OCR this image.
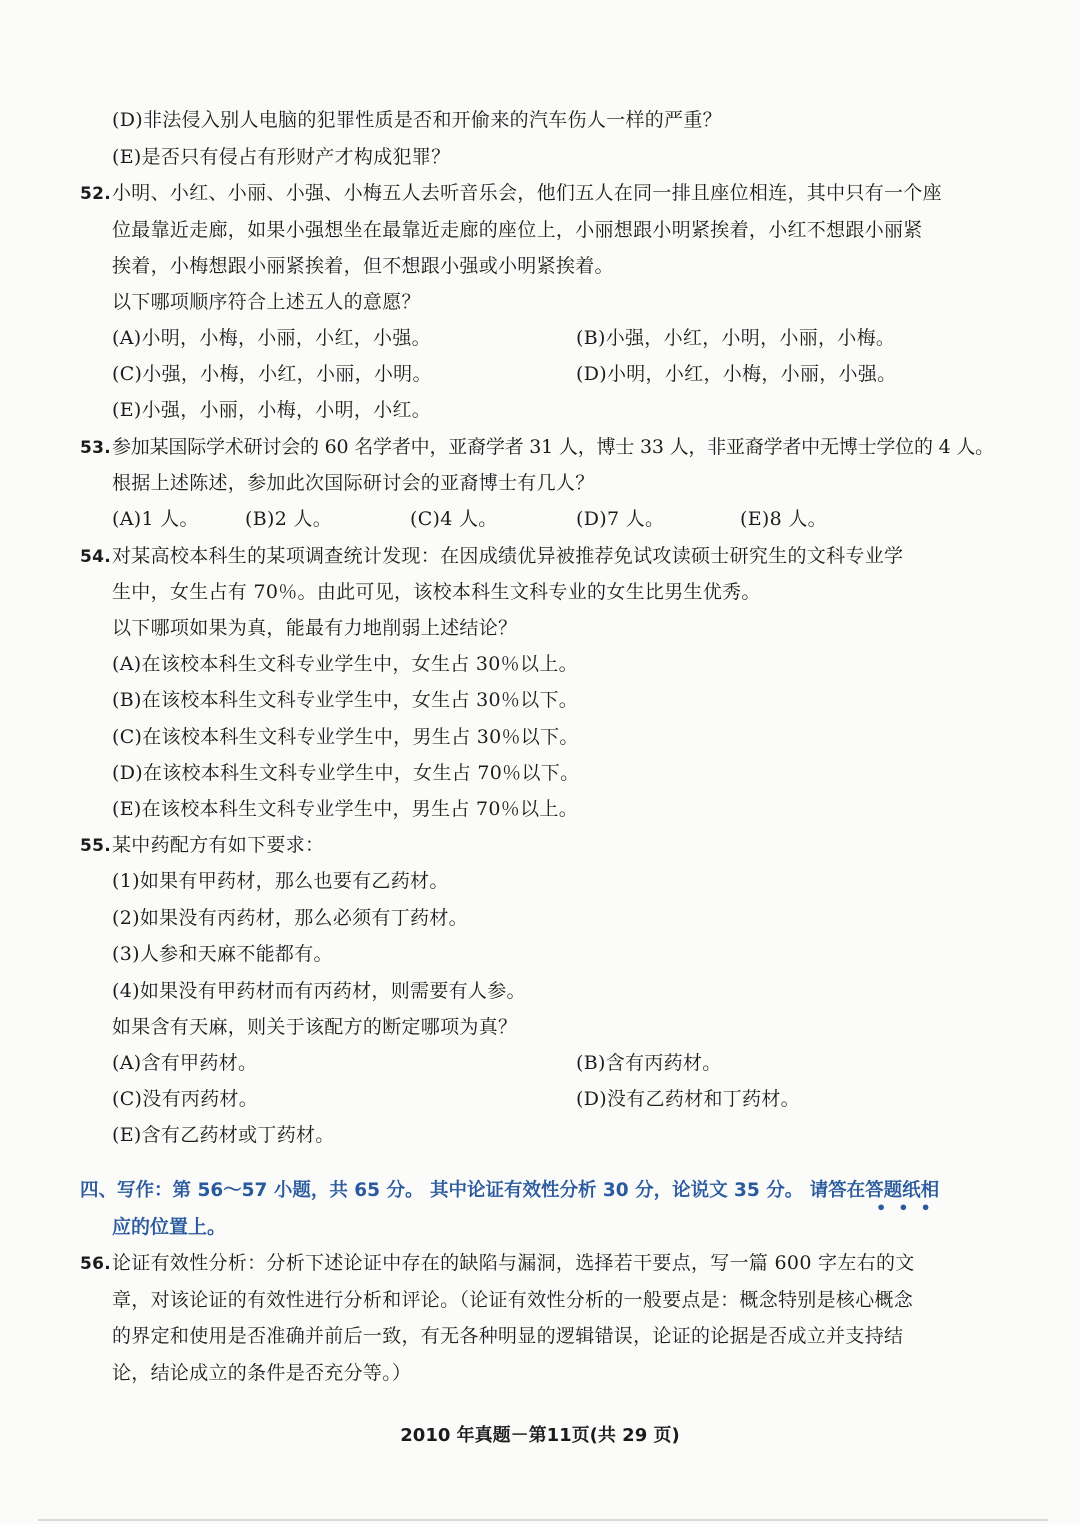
(D)非法侵入别人电脑的犯罪性质是否和开偷来的汽车伤人一样的严重？
(E)是否只有侵占有形财产才构成犯罪？
52. 小明、小红、小丽、小强、小梅五人去听音乐会，他们五人在同一排且座位相连，其中只有一个座
位最靠近走廊，如果小强想坐在最靠近走廊的座位上，小丽想跟小明紧挨着，小红不想跟小丽紧
挨着，小梅想跟小丽紧挨着，但不想跟小强或小明紧挨着。
以下哪项顺序符合上述五人的意愿？
(A)小明，小梅，小丽，小红，小强。	(B)小强，小红，小明，小丽，小梅。
(C)小强，小梅，小红，小丽，小明。	(D)小明，小红，小梅，小丽，小强。
(E)小强，小丽，小梅，小明，小红。
53. 参加某国际学术研讨会的 60 名学者中，亚裔学者 31 人，博士 33 人，非亚裔学者中无博士学位的 4 人。
根据上述陈述，参加此次国际研讨会的亚裔博士有几人？
(A)1 人。 (B)2 人。	(C)4 人。	(D)7 人。	(E)8 人。
54. 对某高校本科生的某项调查统计发现：在因成绩优异被推荐免试攻读硕士研究生的文科专业学
生中，女生占有 70％。由此可见，该校本科生文科专业的女生比男生优秀。
以下哪项如果为真，能最有力地削弱上述结论？
(A)在该校本科生文科专业学生中，女生占 30％以上。
(B)在该校本科生文科专业学生中，女生占 30％以下。
(C)在该校本科生文科专业学生中，男生占 30％以下。
(D)在该校本科生文科专业学生中，女生占 70％以下。
(E)在该校本科生文科专业学生中，男生占 70％以上。
55. 某中药配方有如下要求：
(1)如果有甲药材，那么也要有乙药材。
(2)如果没有丙药材，那么必须有丁药材。
(3)人参和天麻不能都有。
(4)如果没有甲药材而有丙药材，则需要有人参。
如果含有天麻，则关于该配方的断定哪项为真？
(A)含有甲药材。	(B)含有丙药材。
(C)没有丙药材。	(D)没有乙药材和丁药材。
(E)含有乙药材或丁药材。
四、写作：第 56～57 小题，共 65 分。 其中论证有效性分析 30 分，论说文 35 分。 请答在答题纸相
•••
应的位置上。
56. 论证有效性分析：分析下述论证中存在的缺陷与漏洞，选择若干要点，写一篇 600 字左右的文
章，对该论证的有效性进行分析和评论。（论证有效性分析的一般要点是：概念特别是核心概念
的界定和使用是否准确并前后一致，有无各种明显的逻辑错误，论证的论据是否成立并支持结
论，结论成立的条件是否充分等。）
2010 年真题－第11页(共 29 页)
